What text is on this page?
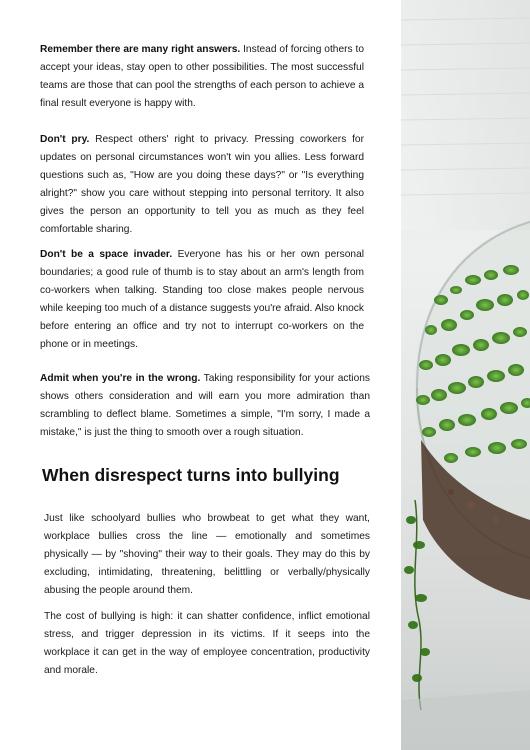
Remember there are many right answers. Instead of forcing others to accept your ideas, stay open to other possibilities. The most successful teams are those that can pool the strengths of each person to achieve a final result everyone is happy with.

Don't pry. Respect others' right to privacy. Pressing coworkers for updates on personal circumstances won't win you allies. Less forward questions such as, "How are you doing these days?" or "Is everything alright?" show you care without stepping into personal territory. It also gives the person an opportunity to tell you as much as they feel comfortable sharing.

Don't be a space invader. Everyone has his or her own personal boundaries; a good rule of thumb is to stay about an arm's length from co-workers when talking. Standing too close makes people nervous while keeping too much of a distance suggests you're afraid. Also knock before entering an office and try not to interrupt co-workers on the phone or in meetings.

Admit when you're in the wrong. Taking responsibility for your actions shows others consideration and will earn you more admiration than scrambling to deflect blame. Sometimes a simple, "I'm sorry, I made a mistake," is just the thing to smooth over a rough situation.

When disrespect turns into bullying

Just like schoolyard bullies who browbeat to get what they want, workplace bullies cross the line — emotionally and sometimes physically — by "shoving" their way to their goals. They may do this by excluding, intimidating, threatening, belittling or verbally/physically abusing the people around them.

The cost of bullying is high: it can shatter confidence, inflict emotional stress, and trigger depression in its victims. If it seeps into the workplace it can get in the way of employee concentration, productivity and morale.
